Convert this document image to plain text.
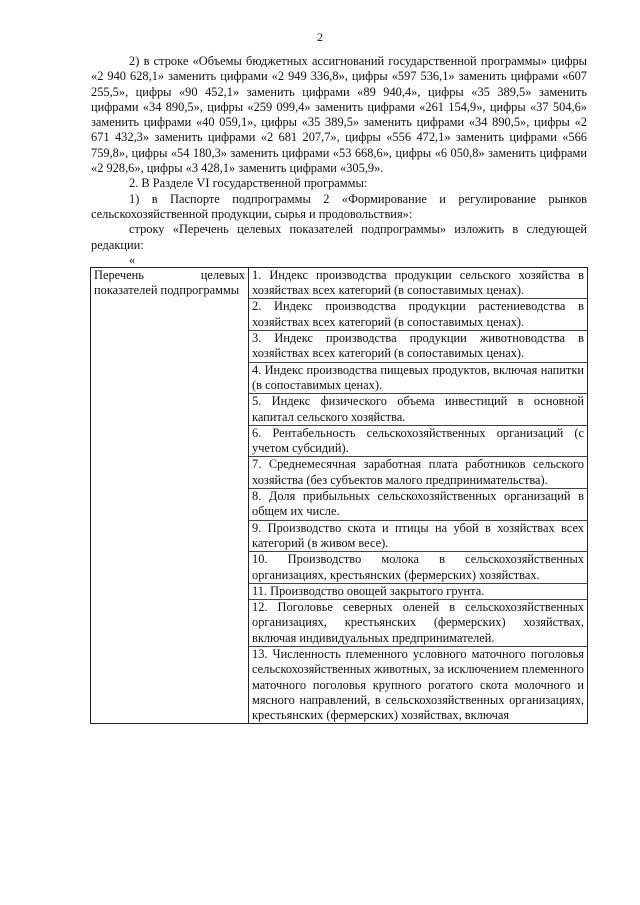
2

2) в строке «Объемы бюджетных ассигнований государственной программы» цифры «2 940 628,1» заменить цифрами «2 949 336,8», цифры «597 536,1» заменить цифрами «607 255,5», цифры «90 452,1» заменить цифрами «89 940,4», цифры «35 389,5» заменить цифрами «34 890,5», цифры «259 099,4» заменить цифрами «261 154,9», цифры «37 504,6» заменить цифрами «40 059,1», цифры «35 389,5» заменить цифрами «34 890,5», цифры «2 671 432,3» заменить цифрами «2 681 207,7», цифры «556 472,1» заменить цифрами «566 759,8», цифры «54 180,3» заменить цифрами «53 668,6», цифры «6 050,8» заменить цифрами «2 928,6», цифры «3 428,1» заменить цифрами «305,9».

2. В Разделе VI государственной программы:

1) в Паспорте подпрограммы 2 «Формирование и регулирование рынков сельскохозяйственной продукции, сырья и продовольствия»:

строку «Перечень целевых показателей подпрограммы» изложить в следующей редакции:

«
Перечень целевых показателей подпрограммы	
1. Индекс производства продукции сельского хозяйства в хозяйствах всех категорий (в сопоставимых ценах).
2. Индекс производства продукции растениеводства в хозяйствах всех категорий (в сопоставимых ценах).
3. Индекс производства продукции животноводства в хозяйствах всех категорий (в сопоставимых ценах).
4. Индекс производства пищевых продуктов, включая напитки (в сопоставимых ценах).
5. Индекс физического объема инвестиций в основной капитал сельского хозяйства.
6. Рентабельность сельскохозяйственных организаций (с учетом субсидий).
7. Среднемесячная заработная плата работников сельского хозяйства (без субъектов малого предпринимательства).
8. Доля прибыльных сельскохозяйственных организаций в общем их числе.
9. Производство скота и птицы на убой в хозяйствах всех категорий (в живом весе).
10. Производство молока в сельскохозяйственных организациях, крестьянских (фермерских) хозяйствах.
11. Производство овощей закрытого грунта.
12. Поголовье северных оленей в сельскохозяйственных организациях, крестьянских (фермерских) хозяйствах, включая индивидуальных предпринимателей.
13. Численность племенного условного маточного поголовья сельскохозяйственных животных, за исключением племенного маточного поголовья крупного рогатого скота молочного и мясного направлений, в сельскохозяйственных организациях, крестьянских (фермерских) хозяйствах, включая
